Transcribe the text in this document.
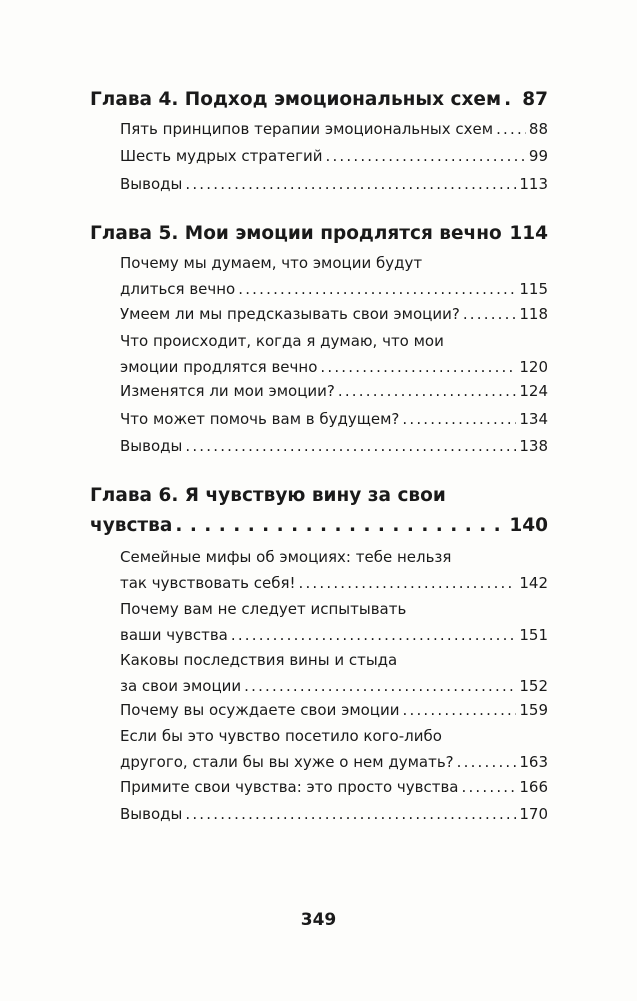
Глава 4. Подход эмоциональных схем . . . 87
Пять принципов терапии эмоциональных схем ..... 88
Шесть мудрых стратегий .....	99
Выводы .....	113
Глава 5. Мои эмоции продлятся вечно . . . 114
Почему мы думаем, что эмоции будут
длиться вечно .....	115
Умеем ли мы предсказывать свои эмоции? .....	118
Что происходит, когда я думаю, что мои
эмоции продлятся вечно .....	120
Изменятся ли мои эмоции? .....	124
Что может помочь вам в будущем? .....	134
Выводы .....	138
Глава 6. Я чувствую вину за свои
чувства . . .	140
Семейные мифы об эмоциях: тебе нельзя
так чувствовать себя! .....	142
Почему вам не следует испытывать
ваши чувства .....	151
Каковы последствия вины и стыда
за свои эмоции .....	152
Почему вы осуждаете свои эмоции .....	159
Если бы это чувство посетило кого-либо
другого, стали бы вы хуже о нем думать? .....	163
Примите свои чувства: это просто чувства .....	166
Выводы .....	170
349
